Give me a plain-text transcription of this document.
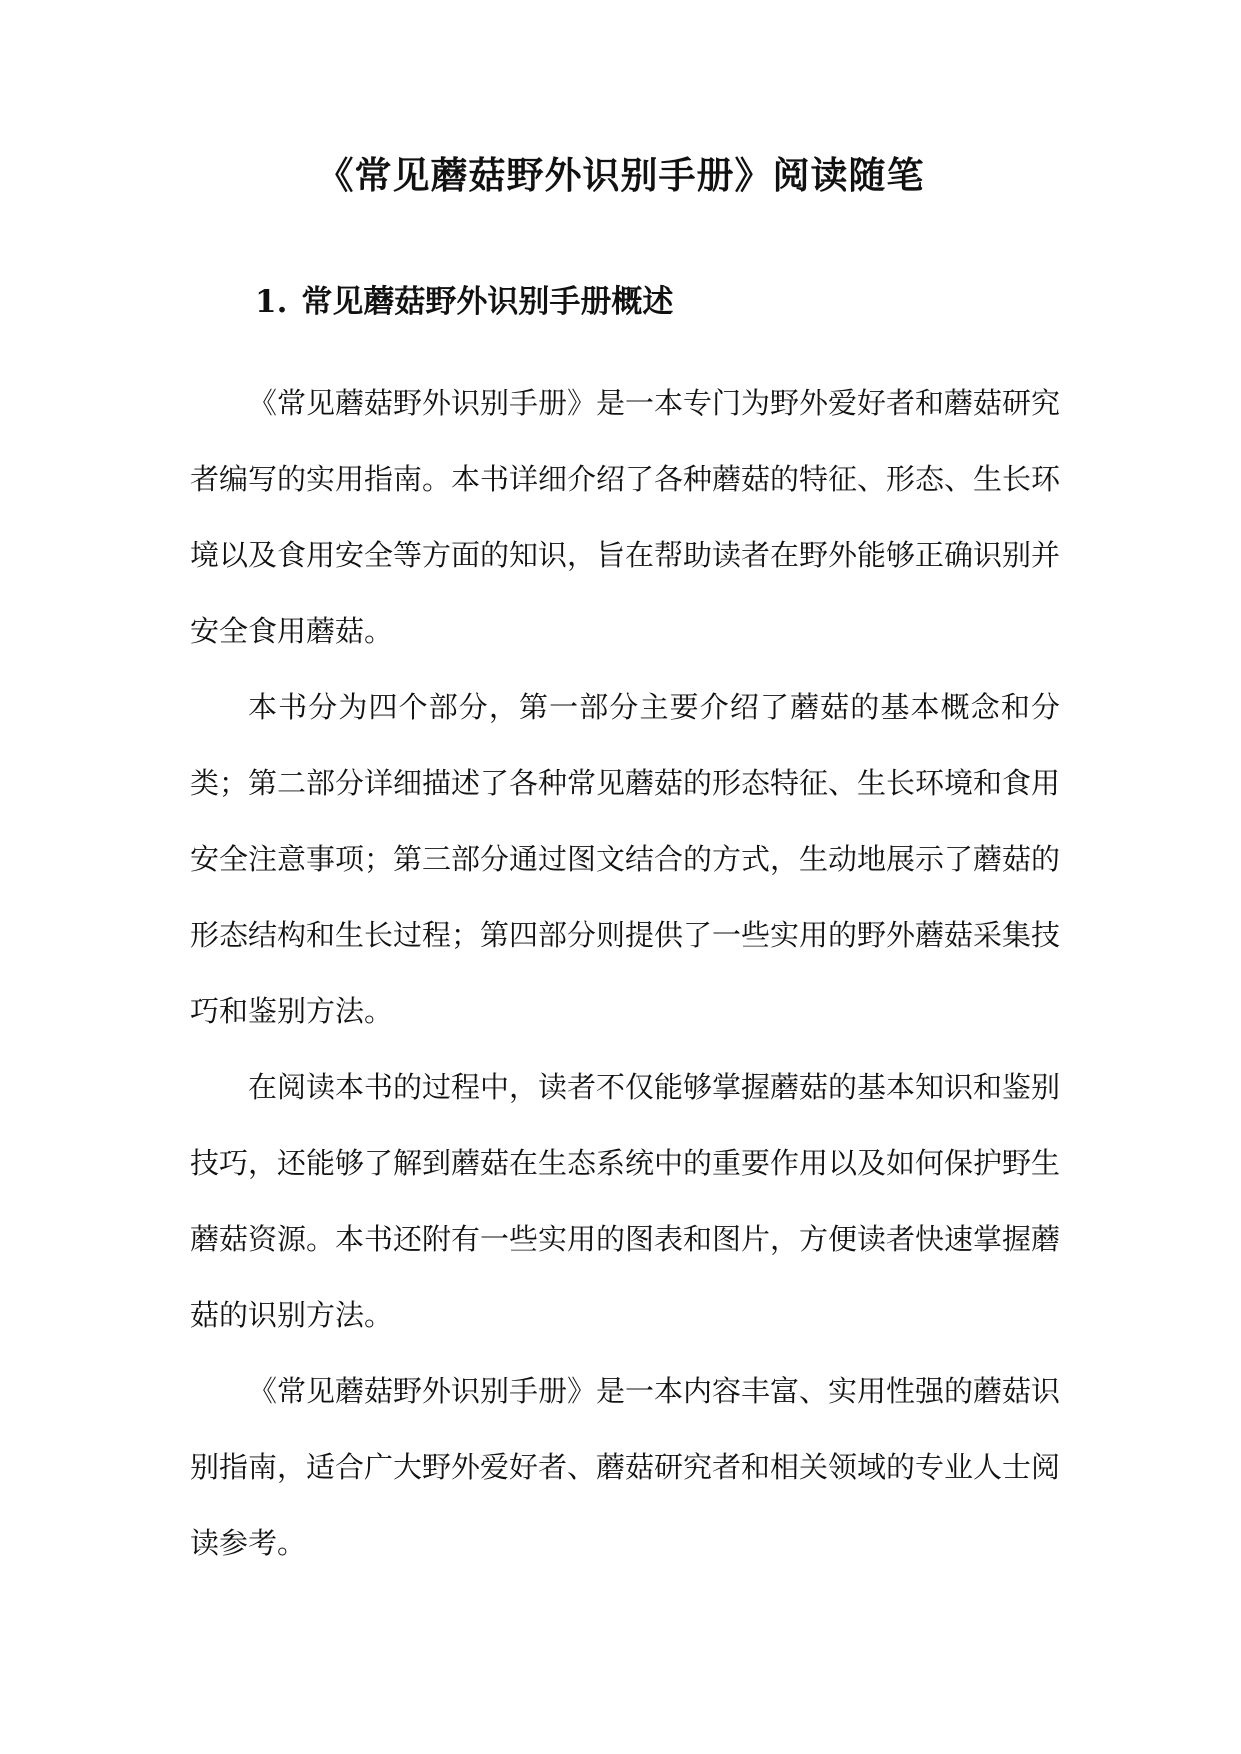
《常见蘑菇野外识别手册》阅读随笔
1. 常见蘑菇野外识别手册概述

《常见蘑菇野外识别手册》是一本专门为野外爱好者和蘑菇研究者编写的实用指南。本书详细介绍了各种蘑菇的特征、形态、生长环境以及食用安全等方面的知识，旨在帮助读者在野外能够正确识别并安全食用蘑菇。

本书分为四个部分，第一部分主要介绍了蘑菇的基本概念和分类；第二部分详细描述了各种常见蘑菇的形态特征、生长环境和食用安全注意事项；第三部分通过图文结合的方式，生动地展示了蘑菇的形态结构和生长过程；第四部分则提供了一些实用的野外蘑菇采集技巧和鉴别方法。

在阅读本书的过程中，读者不仅能够掌握蘑菇的基本知识和鉴别技巧，还能够了解到蘑菇在生态系统中的重要作用以及如何保护野生蘑菇资源。本书还附有一些实用的图表和图片，方便读者快速掌握蘑菇的识别方法。

《常见蘑菇野外识别手册》是一本内容丰富、实用性强的蘑菇识别指南，适合广大野外爱好者、蘑菇研究者和相关领域的专业人士阅读参考。
